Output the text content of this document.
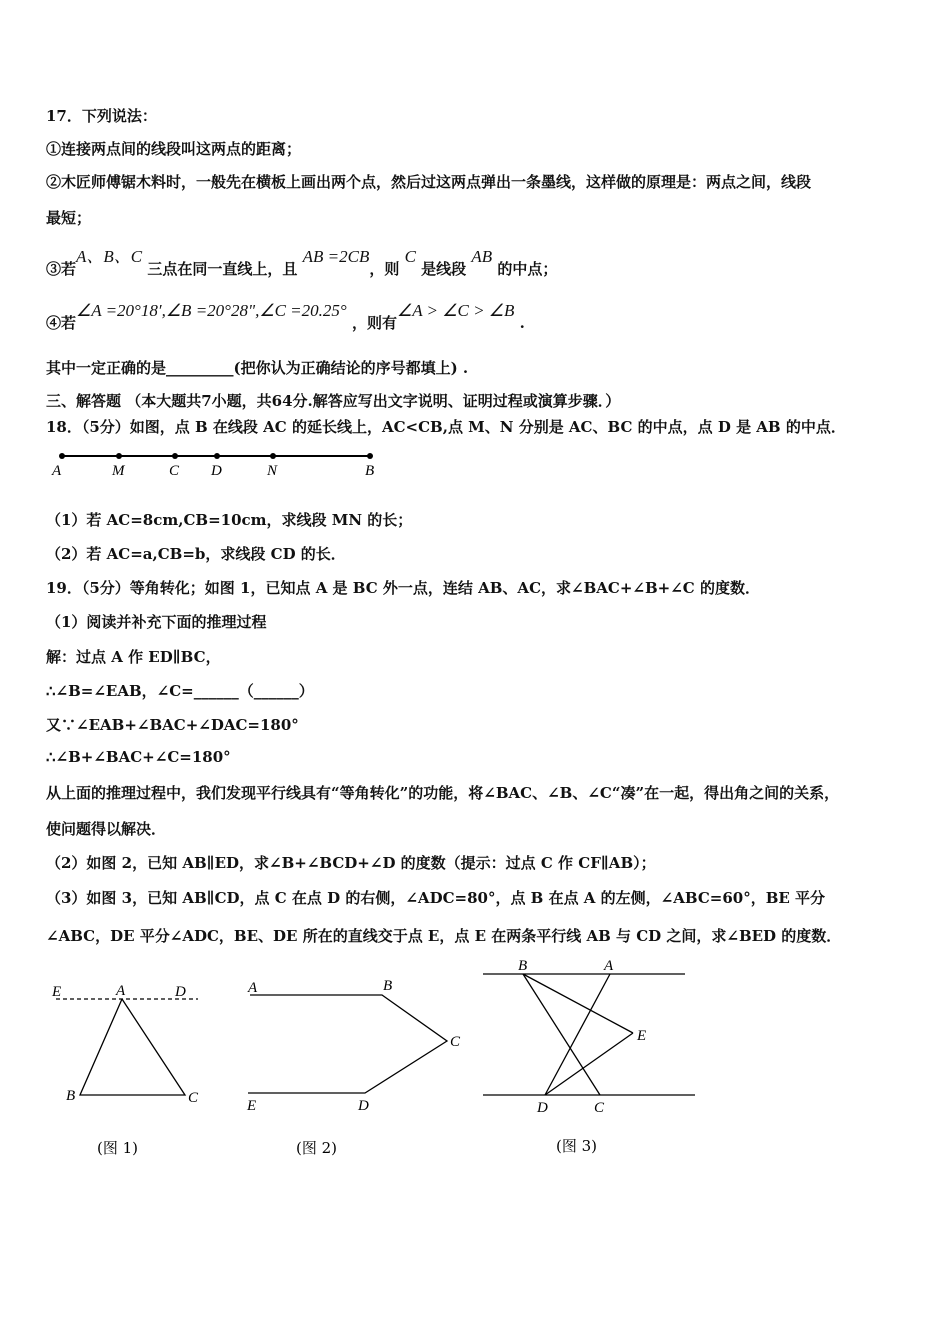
17．下列说法：
①连接两点间的线段叫这两点的距离；
②木匠师傅锯木料时，一般先在横板上画出两个点，然后过这两点弹出一条墨线，这样做的原理是：两点之间，线段
最短；
③若A、B、C 三点在同一直线上，且 AB =2CB，则 C 是线段 AB 的中点；
④若∠A =20°18′,∠B =20°28",∠C =20.25° ，则有∠A > ∠C > ∠B .
其中一定正确的是_________(把你认为正确结论的序号都填上) .
三、解答题 （本大题共7小题，共64分.解答应写出文字说明、证明过程或演算步骤．）
18．（5分）如图，点 B 在线段 AC 的延长线上，AC<CB,点 M、N 分别是 AC、BC 的中点，点 D 是 AB 的中点．
（1）若 AC=8cm,CB=10cm，求线段 MN 的长；
（2）若 AC=a,CB=b，求线段 CD 的长．
19．（5分）等角转化；如图 1，已知点 A 是 BC 外一点，连结 AB、AC，求∠BAC+∠B+∠C 的度数．
（1）阅读并补充下面的推理过程
解：过点 A 作 ED∥BC，
∴∠B=∠EAB，∠C=______（______）
又∵∠EAB+∠BAC+∠DAC=180°
∴∠B+∠BAC+∠C=180°
从上面的推理过程中，我们发现平行线具有“等角转化”的功能，将∠BAC、∠B、∠C“凑”在一起，得出角之间的关系，
使问题得以解决．
（2）如图 2，已知 AB∥ED，求∠B+∠BCD+∠D 的度数（提示：过点 C 作 CF∥AB）；
（3）如图 3，已知 AB∥CD，点 C 在点 D 的右侧，∠ADC=80°，点 B 在点 A 的左侧，∠ABC=60°，BE 平分
∠ABC，DE 平分∠ADC，BE、DE 所在的直线交于点 E，点 E 在两条平行线 AB 与 CD 之间，求∠BED 的度数．
A	M	C D	N	B
E	A	D
B	C
(图 1)
A	B
C
E	D
(图 2)
B	A
E
D	C
(图 3)
